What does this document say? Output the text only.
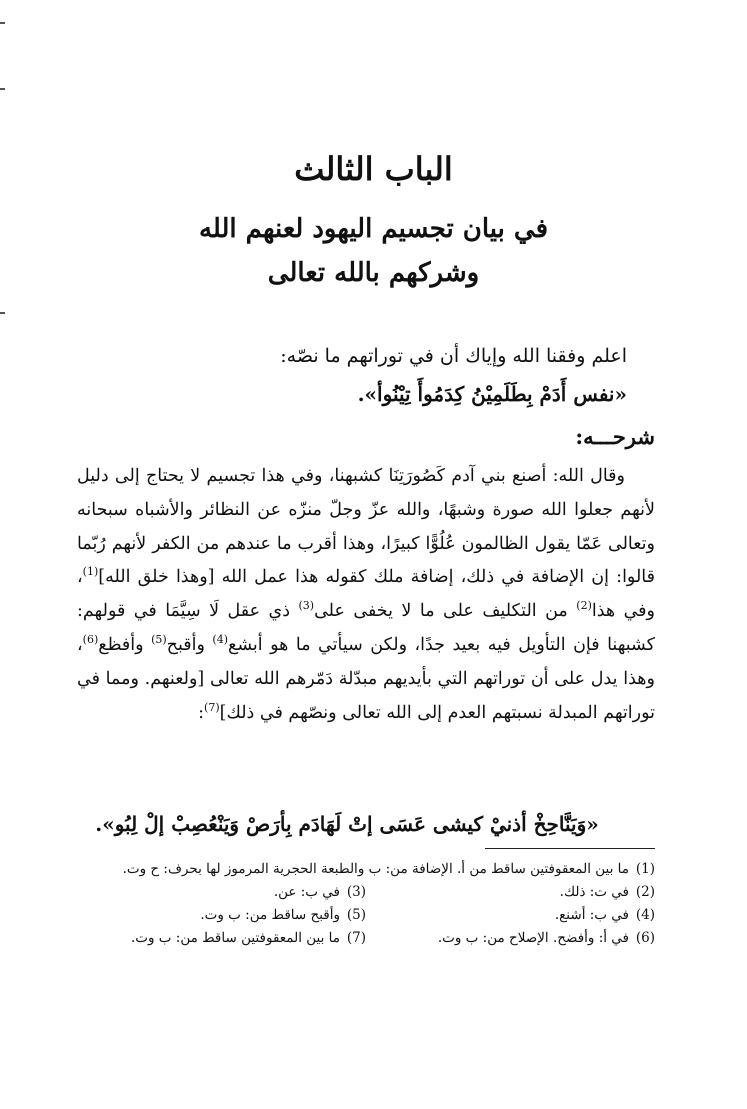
الباب الثالث
في بيان تجسيم اليهود لعنهم الله
وشركهم بالله تعالى

اعلم وفقنا الله وإياك أن في توراتهم ما نصّه:

«نفس أَدَمْ بِطَلَمِيْنُ كِدَمُوأَ تِيْنُوأ».

شرحـــه:

وقال الله: أصنع بني آدم كَصُورَتِنَا كشبهنا، وفي هذا تجسيم لا يحتاج إلى دليل لأنهم جعلوا الله صورة وشبهًا، والله عزّ وجلّ منزّه عن النظائر والأشباه سبحانه وتعالى عَمّا يقول الظالمون عُلُوًّا كبيرًا، وهذا أقرب ما عندهم من الكفر لأنهم رُبّما قالوا: إن الإضافة في ذلك، إضافة ملك كقوله هذا عمل الله [وهذا خلق الله]$^{(1)}$، وفي هذا$^{(2)}$ من التكليف على ما لا يخفى على$^{(3)}$ ذي عقل لَا سِيَّمَا في قولهم: كشبهنا فإن التأويل فيه بعيد جدًا، ولكن سيأتي ما هو أبشع$^{(4)}$ وأقبح$^{(5)}$ وأفظع$^{(6)}$، وهذا يدل على أن توراتهم التي بأيديهم مبدّلة دَمّرهم الله تعالى [ولعنهم. ومما في توراتهم المبدلة نسبتهم العدم إلى الله تعالى ونصّهم في ذلك]$^{(7)}$:

«وَيَنَّاحِخْ أذنيْ كيشى عَسَى إتْ لَهَادَم بِأرَصْ وَيَنْعُصِبْ إلْ لِبُو».

(1)ما بين المعقوفتين ساقط من أ. الإضافة من: ب والطبعة الحجرية المرموز لها بحرف: ح وت.
(2)في ت: ذلك.
(3)في ب: عن.
(4)في ب: أشنع.
(5)وأقبح ساقط من: ب وت.
(6)في أ: وأفضح. الإصلاح من: ب وت.
(7)ما بين المعقوفتين ساقط من: ب وت.
